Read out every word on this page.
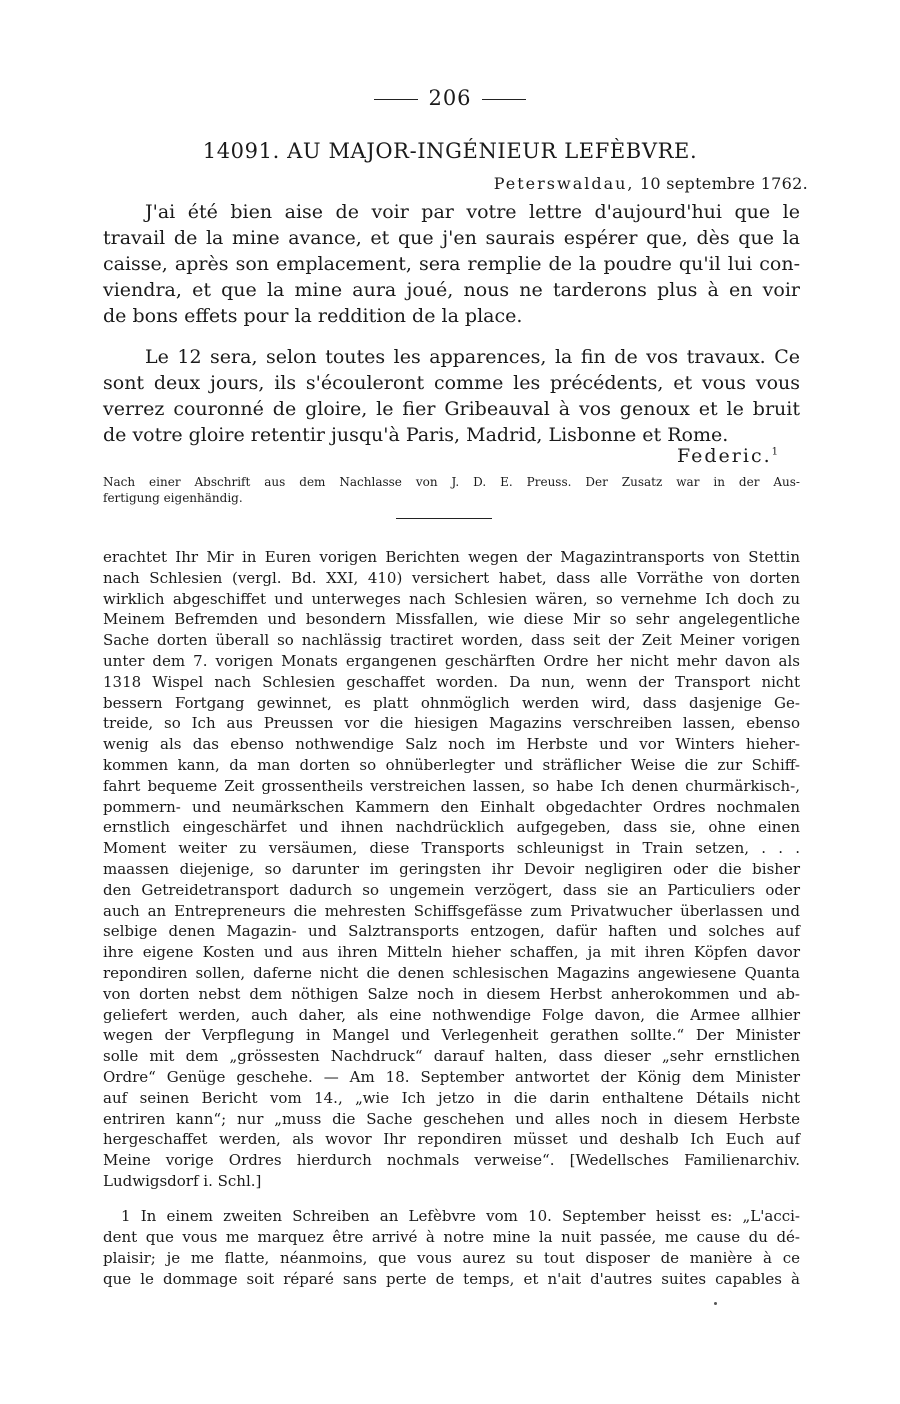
206
14091. AU MAJOR-INGÉNIEUR LEFÈBVRE.
Peterswaldau, 10 septembre 1762.
J'ai été bien aise de voir par votre lettre d'aujourd'hui que le
travail de la mine avance, et que j'en saurais espérer que, dès que la
caisse, après son emplacement, sera remplie de la poudre qu'il lui con-
viendra, et que la mine aura joué, nous ne tarderons plus à en voir
de bons effets pour la reddition de la place.
Le 12 sera, selon toutes les apparences, la fin de vos travaux. Ce
sont deux jours, ils s'écouleront comme les précédents, et vous vous
verrez couronné de gloire, le fier Gribeauval à vos genoux et le bruit
de votre gloire retentir jusqu'à Paris, Madrid, Lisbonne et Rome.
Federic.$^1$
Nach einer Abschrift aus dem Nachlasse von J. D. E. Preuss. Der Zusatz war in der Aus-
fertigung eigenhändig.
erachtet Ihr Mir in Euren vorigen Berichten wegen der Magazintransports von Stettin
nach Schlesien (vergl. Bd. XXI, 410) versichert habet, dass alle Vorräthe von dorten
wirklich abgeschiffet und unterweges nach Schlesien wären, so vernehme Ich doch zu
Meinem Befremden und besondern Missfallen, wie diese Mir so sehr angelegentliche
Sache dorten überall so nachlässig tractiret worden, dass seit der Zeit Meiner vorigen
unter dem 7. vorigen Monats ergangenen geschärften Ordre her nicht mehr davon als
1318 Wispel nach Schlesien geschaffet worden. Da nun, wenn der Transport nicht
bessern Fortgang gewinnet, es platt ohnmöglich werden wird, dass dasjenige Ge-
treide, so Ich aus Preussen vor die hiesigen Magazins verschreiben lassen, ebenso
wenig als das ebenso nothwendige Salz noch im Herbste und vor Winters hieher-
kommen kann, da man dorten so ohnüberlegter und sträflicher Weise die zur Schiff-
fahrt bequeme Zeit grossentheils verstreichen lassen, so habe Ich denen churmärkisch-,
pommern- und neumärkschen Kammern den Einhalt obgedachter Ordres nochmalen
ernstlich eingeschärfet und ihnen nachdrücklich aufgegeben, dass sie, ohne einen
Moment weiter zu versäumen, diese Transports schleunigst in Train setzen, . . .
maassen diejenige, so darunter im geringsten ihr Devoir negligiren oder die bisher
den Getreidetransport dadurch so ungemein verzögert, dass sie an Particuliers oder
auch an Entrepreneurs die mehresten Schiffsgefässe zum Privatwucher überlassen und
selbige denen Magazin- und Salztransports entzogen, dafür haften und solches auf
ihre eigene Kosten und aus ihren Mitteln hieher schaffen, ja mit ihren Köpfen davor
repondiren sollen, daferne nicht die denen schlesischen Magazins angewiesene Quanta
von dorten nebst dem nöthigen Salze noch in diesem Herbst anherokommen und ab-
geliefert werden, auch daher, als eine nothwendige Folge davon, die Armee allhier
wegen der Verpflegung in Mangel und Verlegenheit gerathen sollte.“ Der Minister
solle mit dem „grössesten Nachdruck“ darauf halten, dass dieser „sehr ernstlichen
Ordre“ Genüge geschehe. — Am 18. September antwortet der König dem Minister
auf seinen Bericht vom 14., „wie Ich jetzo in die darin enthaltene Détails nicht
entriren kann“; nur „muss die Sache geschehen und alles noch in diesem Herbste
hergeschaffet werden, als wovor Ihr repondiren müsset und deshalb Ich Euch auf
Meine vorige Ordres hierdurch nochmals verweise“. [Wedellsches Familienarchiv.
Ludwigsdorf i. Schl.]
1 In einem zweiten Schreiben an Lefèbvre vom 10. September heisst es: „L'acci-
dent que vous me marquez être arrivé à notre mine la nuit passée, me cause du dé-
plaisir; je me flatte, néanmoins, que vous aurez su tout disposer de manière à ce
que le dommage soit réparé sans perte de temps, et n'ait d'autres suites capables à
